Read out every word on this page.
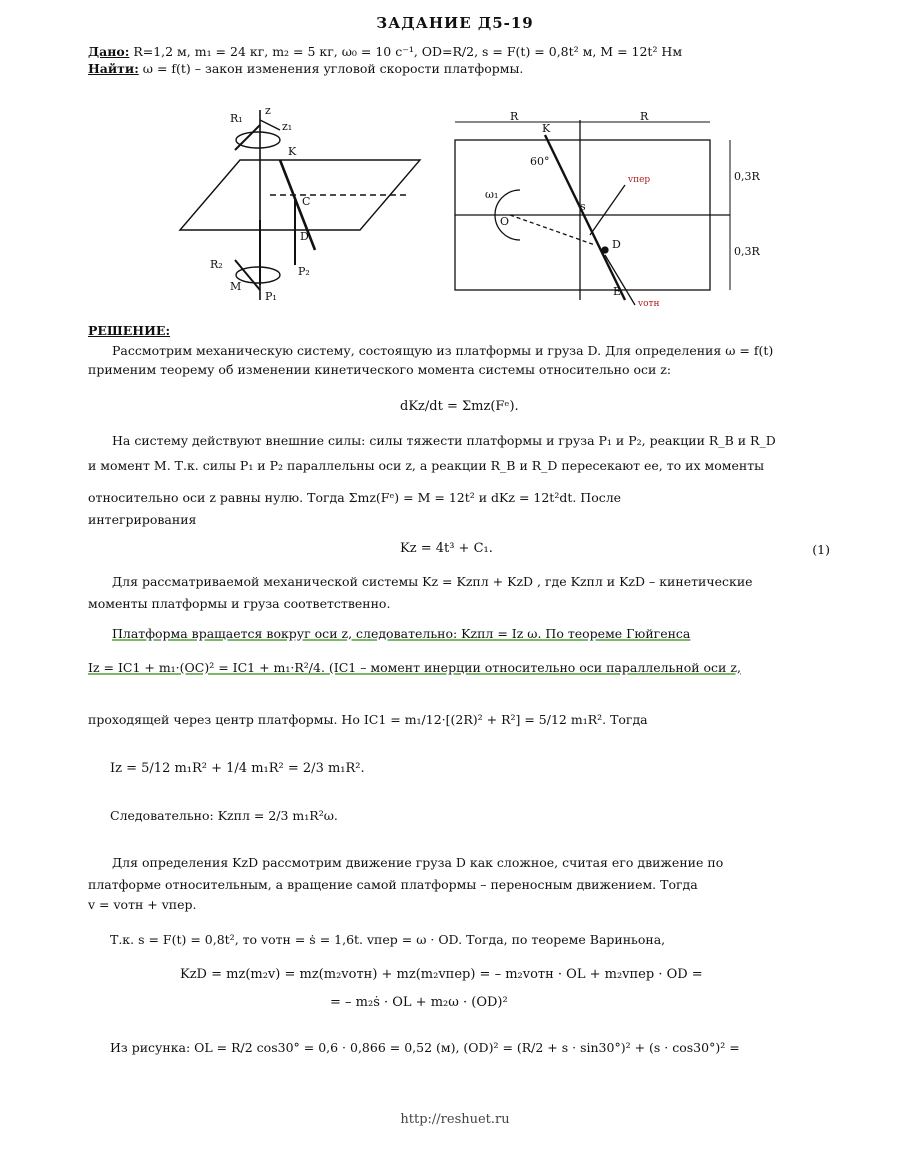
ЗАДАНИЕ Д5-19
Дано: R=1,2 м, m₁ = 24 кг, m₂ = 5 кг, ω₀ = 10 с⁻¹, OD=R/2, s = F(t) = 0,8t² м, M = 12t² Нм
Найти: ω = f(t) – закон изменения угловой скорости платформы.
R₁
z
z₁
K
C
D
P₂
P₁
R₂
M
R	R
K
60°
ω₁
O
s
D
E
0,3R
0,3R
vпер
vотн
РЕШЕНИЕ:
Рассмотрим механическую систему, состоящую из платформы и груза D. Для определения ω = f(t)
применим теорему об изменении кинетического момента системы относительно оси z:
dKz/dt = Σmz(Fᵉ).
На систему действуют внешние силы: силы тяжести платформы и груза P₁ и P₂, реакции R_B и R_D
и момент M. Т.к. силы P₁ и P₂ параллельны оси z, а реакции R_B и R_D пересекают ее, то их моменты
относительно оси z равны нулю. Тогда Σmz(Fᵉ) = M = 12t² и dKz = 12t²dt. После
интегрирования
Kz = 4t³ + C₁.	(1)
Для рассматриваемой механической системы Kz = Kzпл + KzD , где Kzпл и KzD – кинетические
моменты платформы и груза соответственно.
Платформа вращается вокруг оси z, следовательно: Kzпл = Iz ω. По теореме Гюйгенса
Iz = IC1 + m₁·(OC)² = IC1 + m₁·R²/4. (IC1 – момент инерции относительно оси параллельной оси z,
проходящей через центр платформы. Но IC1 = m₁/12·[(2R)² + R²] = 5/12 m₁R². Тогда
Iz = 5/12 m₁R² + 1/4 m₁R² = 2/3 m₁R².
Следовательно: Kzпл = 2/3 m₁R²ω.
Для определения KzD рассмотрим движение груза D как сложное, считая его движение по
платформе относительным, а вращение самой платформы – переносным движением. Тогда
v = vотн + vпер.
Т.к. s = F(t) = 0,8t², то vотн = ṡ = 1,6t. vпер = ω · OD. Тогда, по теореме Вариньона,
KzD = mz(m₂v) = mz(m₂vотн) + mz(m₂vпер) = – m₂vотн · OL + m₂vпер · OD =
= – m₂ṡ · OL + m₂ω · (OD)²
Из рисунка: OL = R/2 cos30° = 0,6 · 0,866 = 0,52 (м), (OD)² = (R/2 + s · sin30°)² + (s · cos30°)² =
http://reshuet.ru
